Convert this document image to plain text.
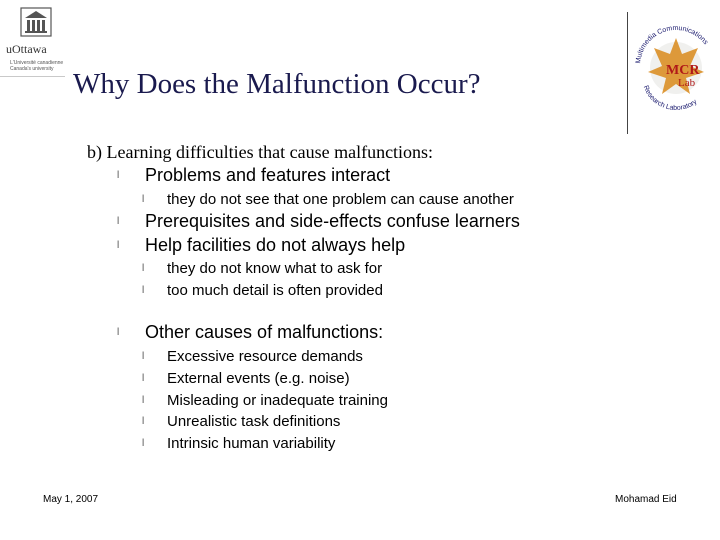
uOttawa
L'Université canadienne Canada's university	MCR
Lab
Multimedia Communications
Research Laboratory
Why Does the Malfunction Occur?
b) Learning difficulties that cause malfunctions:
l Problems and features interact
l they do not see that one problem can cause another
l Prerequisites and side-effects confuse learners
l Help facilities do not always help
l they do not know what to ask for
l too much detail is often provided
l Other causes of malfunctions:
l Excessive resource demands
l External events (e.g. noise)
l Misleading or inadequate training
l Unrealistic task definitions
l Intrinsic human variability
May 1, 2007	Mohamad Eid
